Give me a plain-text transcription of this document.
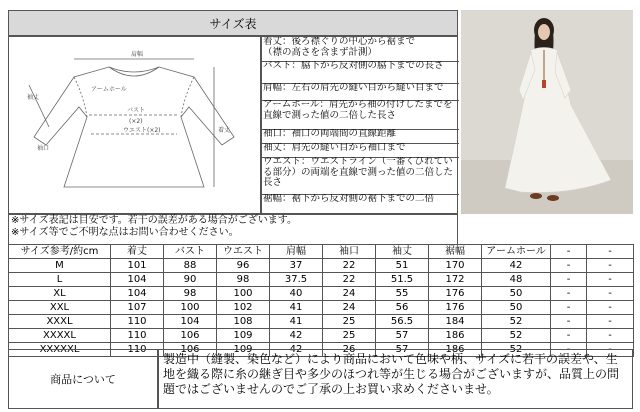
サイズ表
肩幅
袖丈
アームホール
バスト
(×2)
ウエスト(×2)
袖口
着丈
着丈：後ろ襟ぐりの中心から裾まで
（襟の高さを含まず計測）
バスト：脇下から反対側の脇下までの長さ
肩幅：左右の肩先の縫い目から縫い目まで
アームホール：肩先から袖の付けしたまでを直線で測った値の二倍した長さ
袖口：袖口の両端間の直線距離
袖丈：肩先の縫い目から袖口まで
ウエスト：ウエストライン（一番くびれている部分）の両端を直線で測った値の二倍した長さ
裾幅：裾下から反対側の裾下までの二倍
※サイズ表記は目安です。若干の誤差がある場合がございます。
※サイズ等でご不明な点はお問い合わせください。
サイズ参考/約cm	着丈	バスト	ウエスト	肩幅	袖口	袖丈	裾幅	アームホール	-	-
M	101	88	96	37	22	51	170	42	-	-
L	104	90	98	37.5	22	51.5	172	48	-	-
XL	104	98	100	40	24	55	176	50	-	-
XXL	107	100	102	41	24	56	176	50	-	-
XXXL	110	104	108	41	25	56.5	184	52	-	-
XXXXL	110	106	109	42	25	57	186	52	-	-
XXXXXL	110	106	109	42	26	57	186	52	-	-
商品について
製造中（縫製、染色など）により商品において色味や柄、サイズに若干の誤差や、生地を織る際に糸の継ぎ目や多少のほつれ等が生じる場合がございますが、品質上の問題ではございませんのでご了承の上お買い求めくださいませ。
